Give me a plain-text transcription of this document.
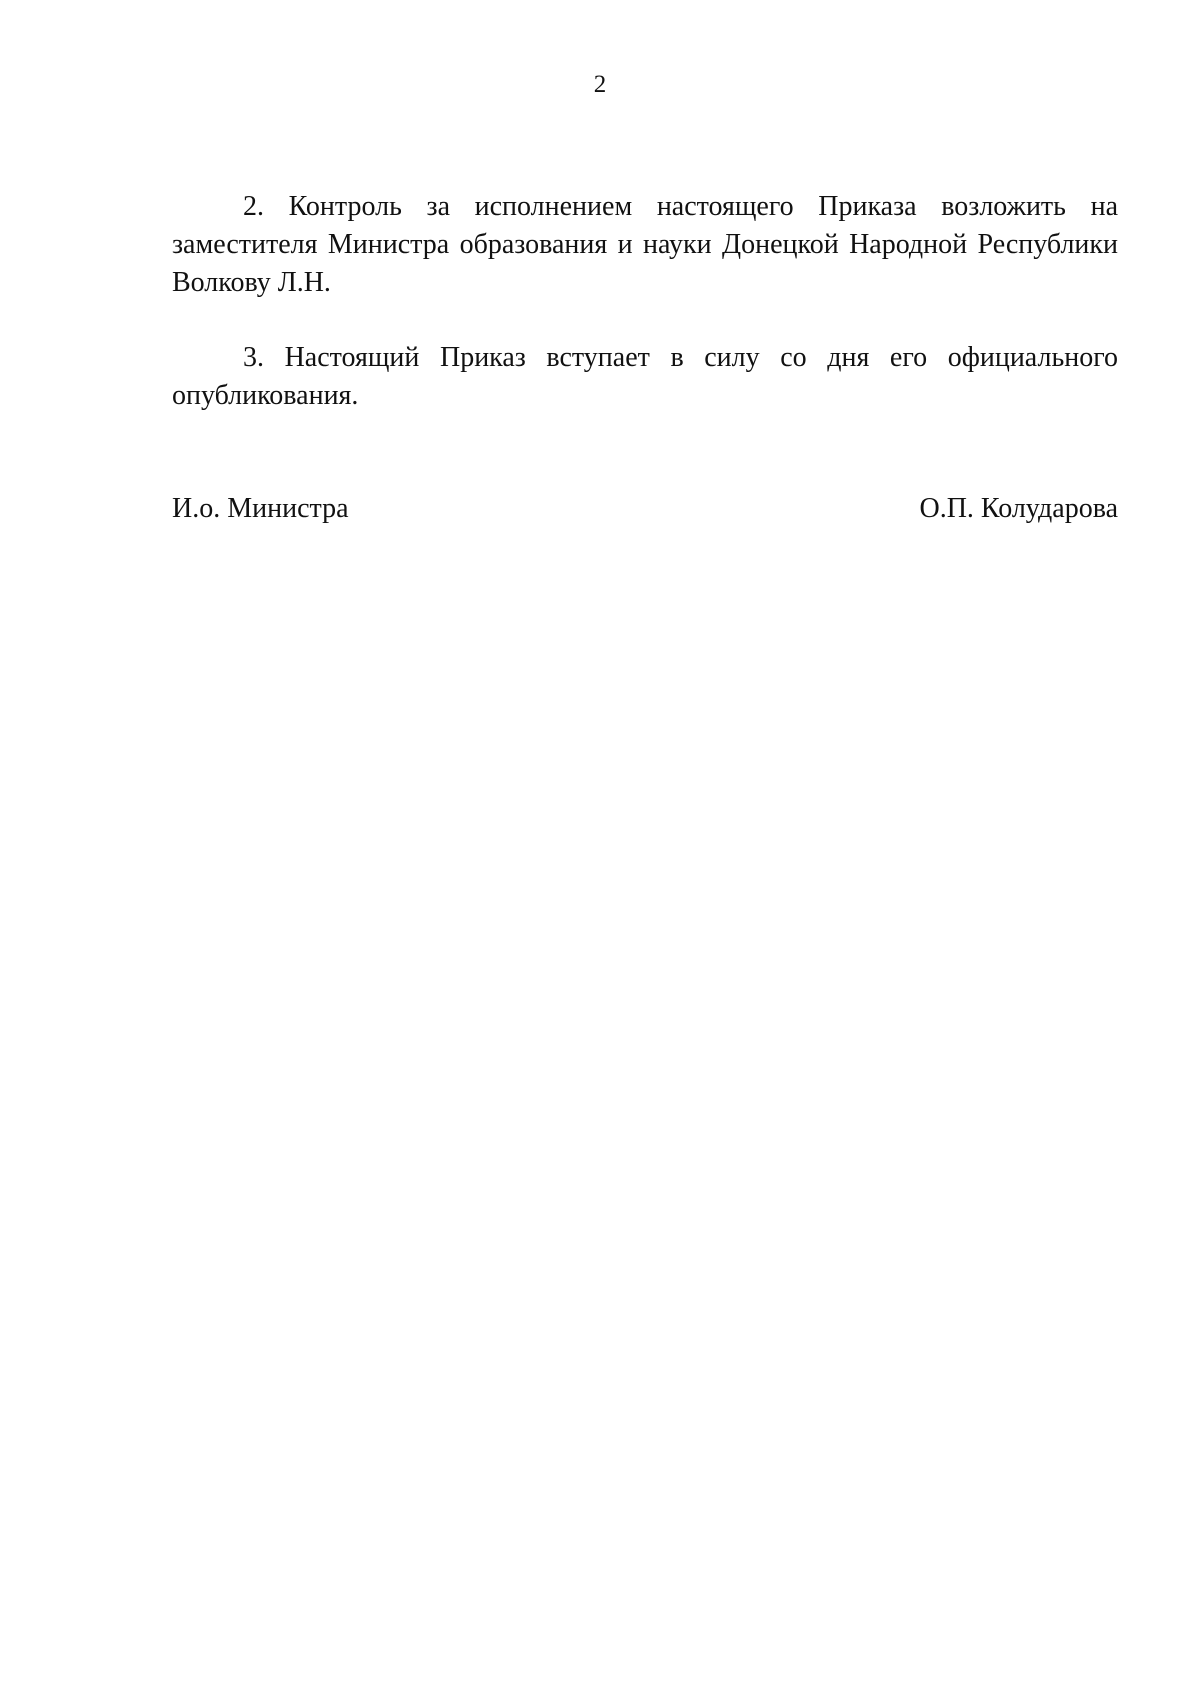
2

2. Контроль за исполнением настоящего Приказа возложить на заместителя Министра образования и науки Донецкой Народной Республики Волкову Л.Н.

3. Настоящий Приказ вступает в силу со дня его официального опубликования.

И.о. Министра	О.П. Колударова
